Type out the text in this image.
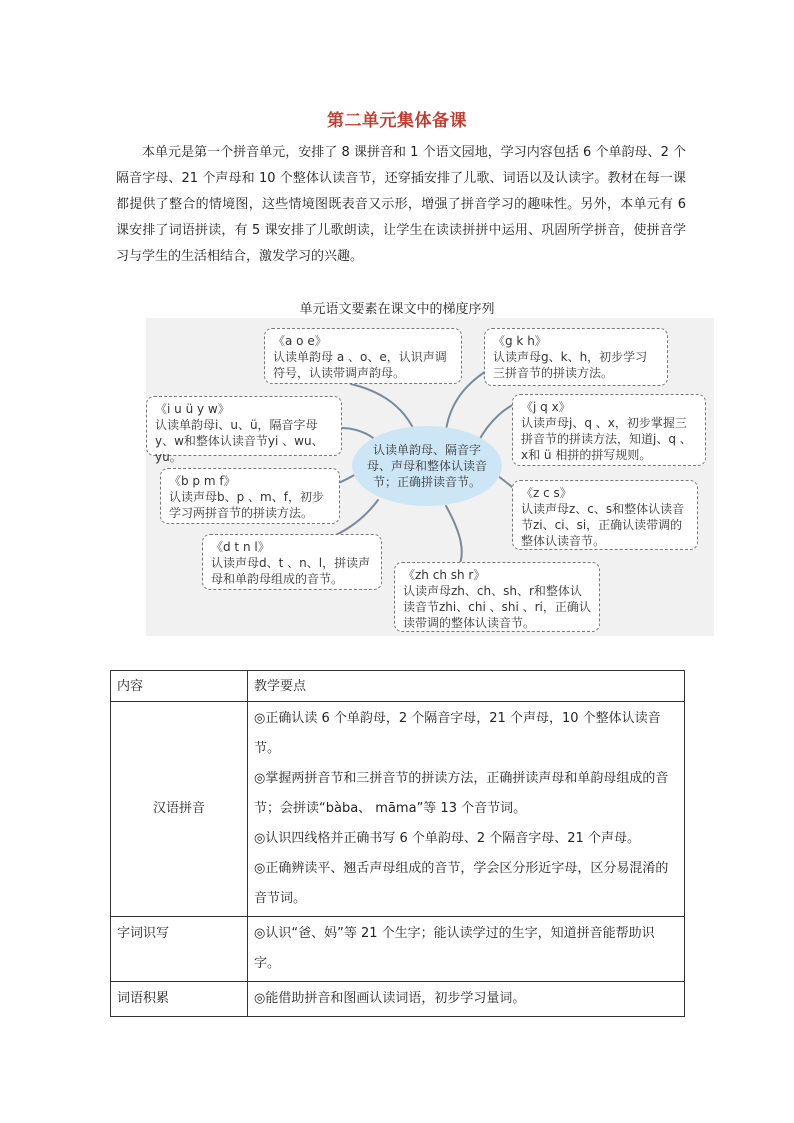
第二单元集体备课

本单元是第一个拼音单元，安排了 8 课拼音和 1 个语文园地，学习内容包括 6 个单韵母、2 个隔音字母、21 个声母和 10 个整体认读音节，还穿插安排了儿歌、词语以及认读字。教材在每一课都提供了整合的情境图，这些情境图既表音又示形，增强了拼音学习的趣味性。另外，本单元有 6 课安排了词语拼读，有 5 课安排了儿歌朗读，让学生在读读拼拼中运用、巩固所学拼音，使拼音学习与学生的生活相结合，激发学习的兴趣。

单元语文要素在课文中的梯度序列
认读单韵母、隔音字母、声母和整体认读音节；正确拼读音节。
《a o e》
认读单韵母 a 、o、e，认识声调符号，认读带调声韵母。
《i u ü y w》
认读单韵母i、u、ü，隔音字母y、w和整体认读音节yi 、wu、yu。
《b p m f》
认读声母b、p 、m、f，初步学习两拼音节的拼读方法。
《d t n l》
认读声母d、t 、n、l，拼读声母和单韵母组成的音节。
《g k h》
认读声母g、k、h，初步学习三拼音节的拼读方法。
《j q x》
认读声母j、q 、x，初步掌握三拼音节的拼读方法，知道j、q 、x和 ü 相拼的拼写规则。
《z c s》
认读声母z、c、s和整体认读音节zi、ci、si，正确认读带调的整体认读音节。
《zh ch sh r》
认读声母zh、ch、sh、r和整体认读音节zhi、chi 、shi 、ri，正确认读带调的整体认读音节。
内容	教学要点
汉语拼音	◎正确认读 6 个单韵母，2 个隔音字母，21 个声母，10 个整体认读音节。

◎掌握两拼音节和三拼音节的拼读方法，正确拼读声母和单韵母组成的音节；会拼读“bàba、 māma”等 13 个音节词。

◎认识四线格并正确书写 6 个单韵母、2 个隔音字母、21 个声母。

◎正确辨读平、翘舌声母组成的音节，学会区分形近字母，区分易混淆的音节词。

字词识写	◎认识“爸、妈”等 21 个生字；能认读学过的生字，知道拼音能帮助识字。

词语积累	◎能借助拼音和图画认读词语，初步学习量词。
